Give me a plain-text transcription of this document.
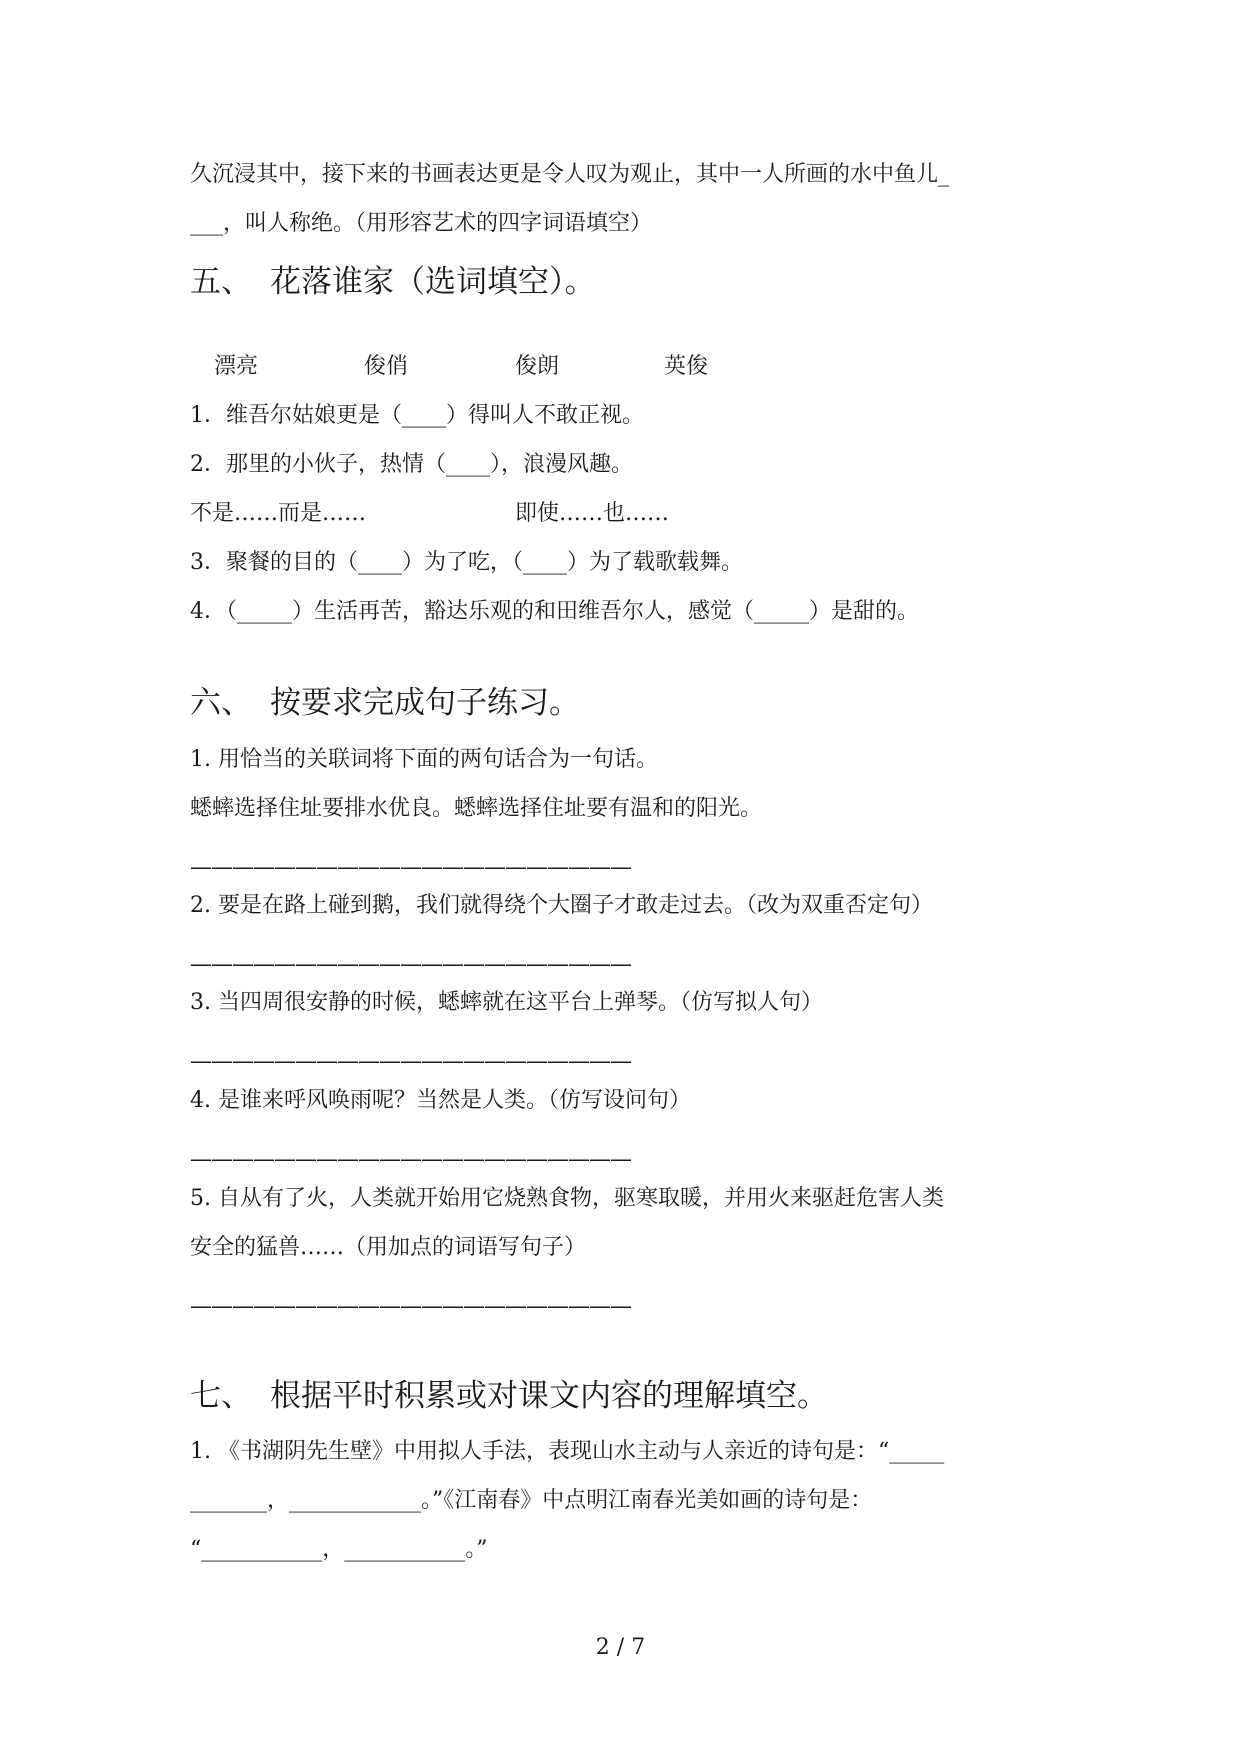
久沉浸其中，接下来的书画表达更是令人叹为观止，其中一人所画的水中鱼儿_
___，叫人称绝。（用形容艺术的四字词语填空）
五、 花落谁家（选词填空）。
漂亮	俊俏	俊朗	英俊
1．维吾尔姑娘更是（____）得叫人不敢正视。
2．那里的小伙子，热情（____），浪漫风趣。
不是……而是……	即使……也……
3．聚餐的目的（____）为了吃，（____）为了载歌载舞。
4．（_____）生活再苦，豁达乐观的和田维吾尔人，感觉（_____）是甜的。
六、 按要求完成句子练习。
1. 用恰当的关联词将下面的两句话合为一句话。
蟋蟀选择住址要排水优良。蟋蟀选择住址要有温和的阳光。
—————————————————————
2. 要是在路上碰到鹅，我们就得绕个大圈子才敢走过去。（改为双重否定句）
—————————————————————
3. 当四周很安静的时候，蟋蟀就在这平台上弹琴。（仿写拟人句）
—————————————————————
4. 是谁来呼风唤雨呢？当然是人类。（仿写设问句）
—————————————————————
5. 自从有了火，人类就开始用它烧熟食物，驱寒取暖，并用火来驱赶危害人类
安全的猛兽……（用加点的词语写句子）
—————————————————————
七、 根据平时积累或对课文内容的理解填空。
1. 《书湖阴先生壁》中用拟人手法，表现山水主动与人亲近的诗句是：“_____
_______，____________。”《江南春》中点明江南春光美如画的诗句是：
“___________，___________。”
2 / 7
